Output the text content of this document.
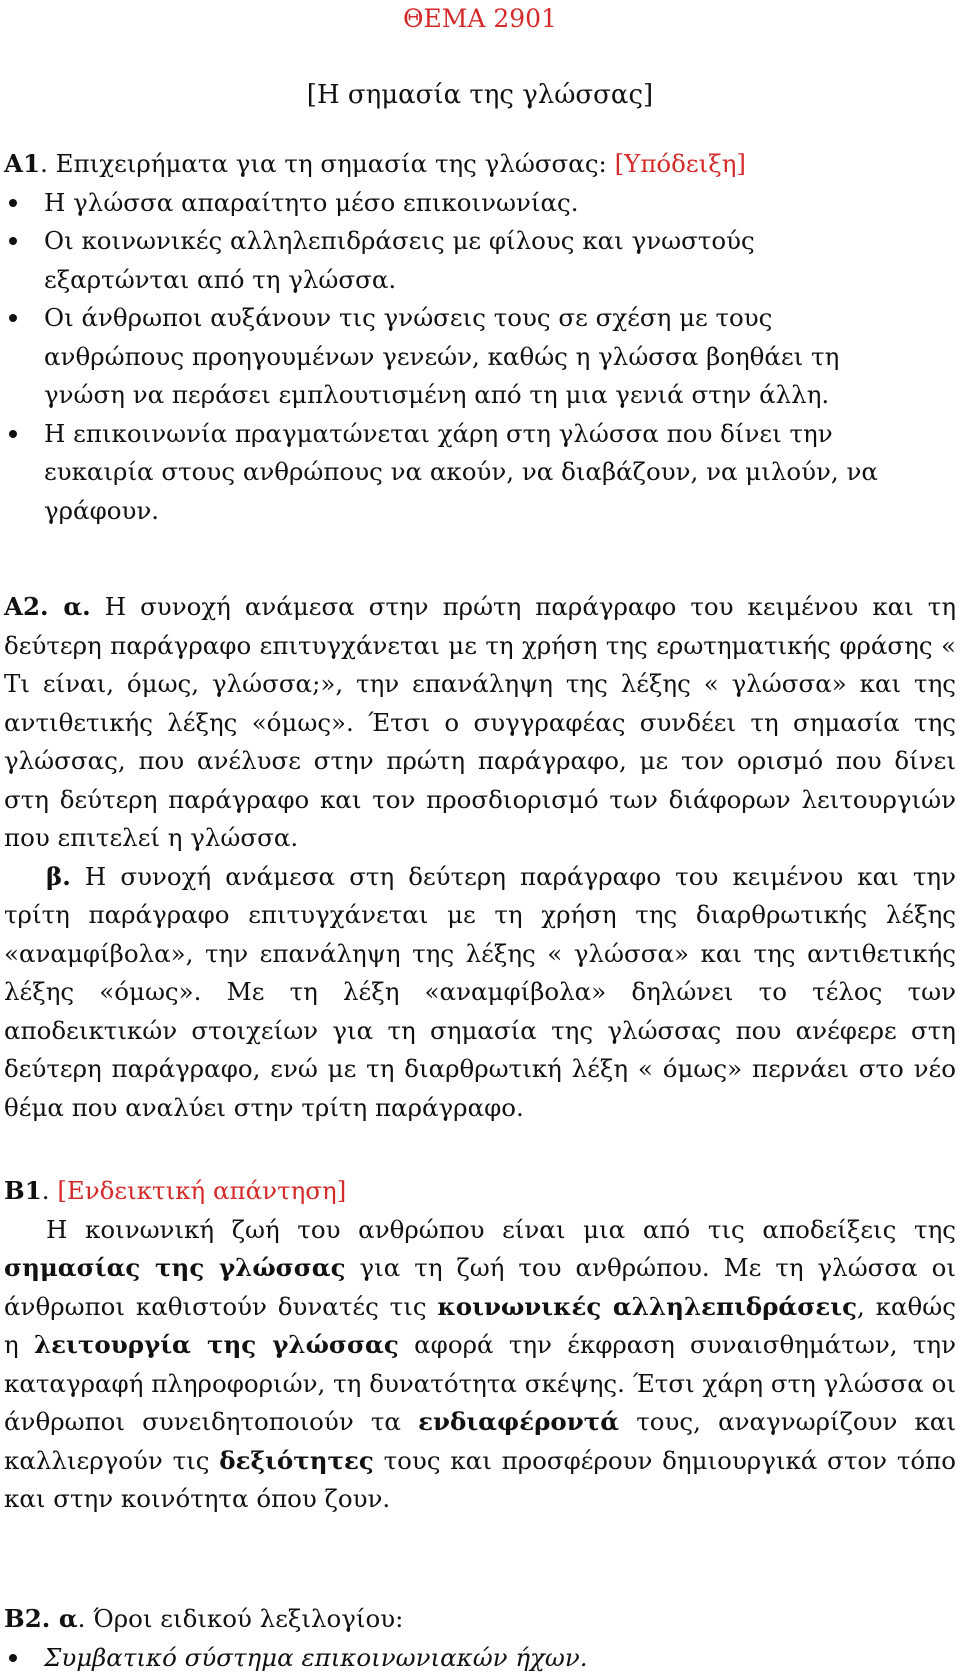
ΘΕΜΑ 2901
[Η σημασία της γλώσσας]
Α1. Επιχειρήματα για τη σημασία της γλώσσας: [Υπόδειξη]
Η γλώσσα απαραίτητο μέσο επικοινωνίας.
Οι κοινωνικές αλληλεπιδράσεις με φίλους και γνωστούς εξαρτώνται από τη γλώσσα.
Οι άνθρωποι αυξάνουν τις γνώσεις τους σε σχέση με τους ανθρώπους προηγουμένων γενεών, καθώς η γλώσσα βοηθάει τη γνώση να περάσει εμπλουτισμένη από τη μια γενιά στην άλλη.
Η επικοινωνία πραγματώνεται χάρη στη γλώσσα που δίνει την ευκαιρία στους ανθρώπους να ακούν, να διαβάζουν, να μιλούν, να γράφουν.

Α2. α. Η συνοχή ανάμεσα στην πρώτη παράγραφο του κειμένου και τη δεύτερη παράγραφο επιτυγχάνεται με τη χρήση της ερωτηματικής φράσης « Τι είναι, όμως, γλώσσα;», την επανάληψη της λέξης « γλώσσα» και της αντιθετικής λέξης «όμως». Έτσι ο συγγραφέας συνδέει τη σημασία της γλώσσας, που ανέλυσε στην πρώτη παράγραφο, με τον ορισμό που δίνει στη δεύτερη παράγραφο και τον προσδιορισμό των διάφορων λειτουργιών που επιτελεί η γλώσσα.

β. Η συνοχή ανάμεσα στη δεύτερη παράγραφο του κειμένου και την τρίτη παράγραφο επιτυγχάνεται με τη χρήση της διαρθρωτικής λέξης «αναμφίβολα», την επανάληψη της λέξης « γλώσσα» και της αντιθετικής λέξης «όμως». Με τη λέξη «αναμφίβολα» δηλώνει το τέλος των αποδεικτικών στοιχείων για τη σημασία της γλώσσας που ανέφερε στη δεύτερη παράγραφο, ενώ με τη διαρθρωτική λέξη « όμως» περνάει στο νέο θέμα που αναλύει στην τρίτη παράγραφο.

Β1. [Ενδεικτική απάντηση]

Η κοινωνική ζωή του ανθρώπου είναι μια από τις αποδείξεις της σημασίας της γλώσσας για τη ζωή του ανθρώπου. Με τη γλώσσα οι άνθρωποι καθιστούν δυνατές τις κοινωνικές αλληλεπιδράσεις, καθώς η λειτουργία της γλώσσας αφορά την έκφραση συναισθημάτων, την καταγραφή πληροφοριών, τη δυνατότητα σκέψης. Έτσι χάρη στη γλώσσα οι άνθρωποι συνειδητοποιούν τα ενδιαφέροντά τους, αναγνωρίζουν και καλλιεργούν τις δεξιότητες τους και προσφέρουν δημιουργικά στον τόπο και στην κοινότητα όπου ζουν.

Β2. α. Όροι ειδικού λεξιλογίου:
Συμβατικό σύστημα επικοινωνιακών ήχων.
